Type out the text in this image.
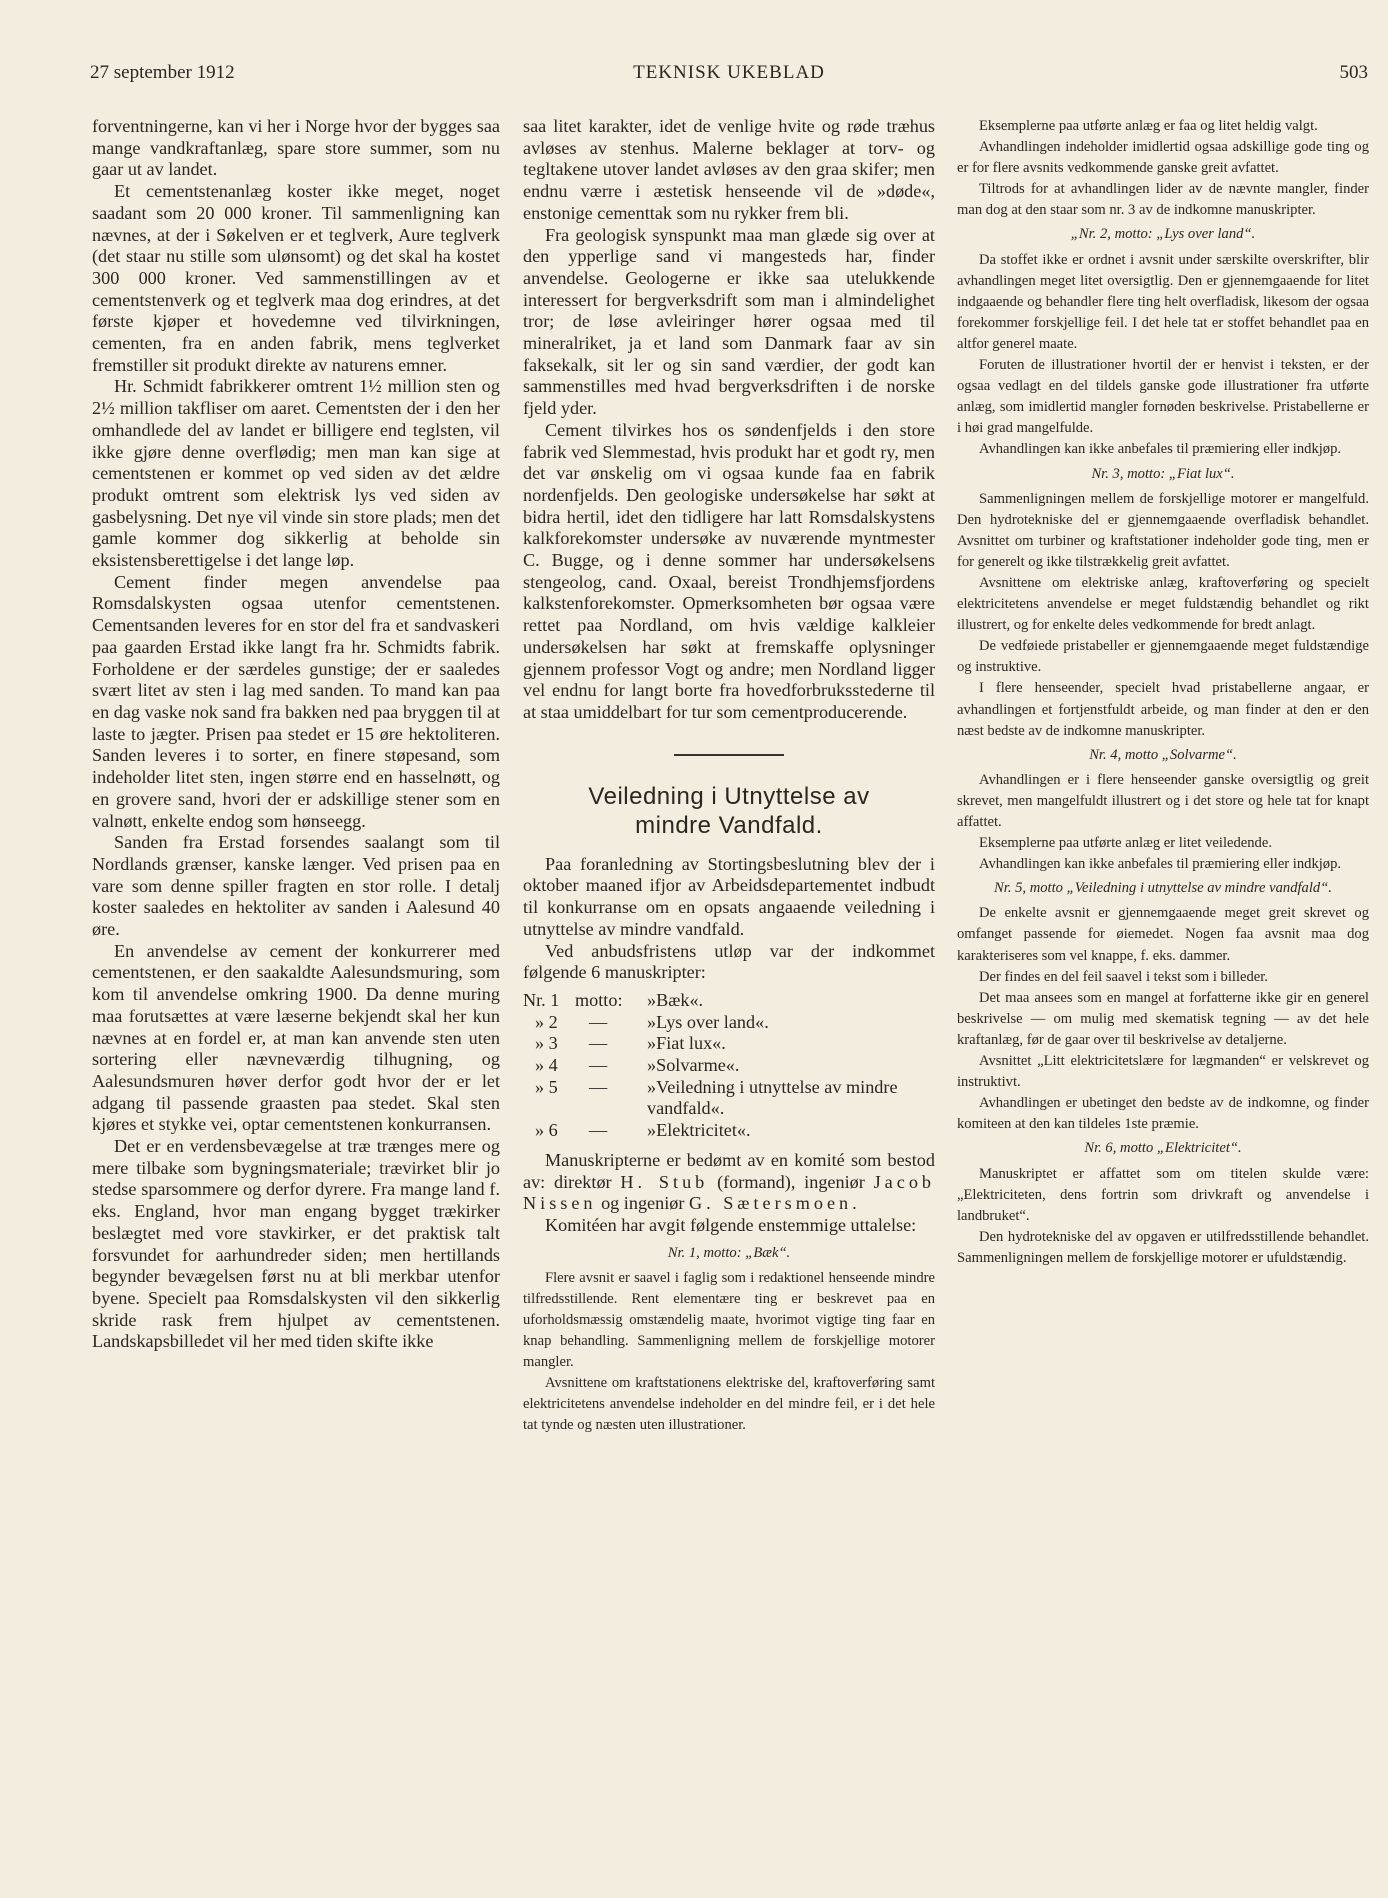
27 september 1912	TEKNISK UKEBLAD	503

forventningerne, kan vi her i Norge hvor der bygges saa mange vandkraftanlæg, spare store summer, som nu gaar ut av landet.

Et cementstenanlæg koster ikke meget, noget saadant som 20 000 kroner. Til sammenligning kan nævnes, at der i Søkelven er et teglverk, Aure teglverk (det staar nu stille som ulønsomt) og det skal ha kostet 300 000 kroner. Ved sammenstillingen av et cementstenverk og et teglverk maa dog erindres, at det første kjøper et hovedemne ved tilvirkningen, cementen, fra en anden fabrik, mens teglverket fremstiller sit produkt direkte av naturens emner.

Hr. Schmidt fabrikkerer omtrent 1½ million sten og 2½ million takfliser om aaret. Cementsten der i den her omhandlede del av landet er billigere end teglsten, vil ikke gjøre denne overflødig; men man kan sige at cementstenen er kommet op ved siden av det ældre produkt omtrent som elektrisk lys ved siden av gasbelysning. Det nye vil vinde sin store plads; men det gamle kommer dog sikkerlig at beholde sin eksistensberettigelse i det lange løp.

Cement finder megen anvendelse paa Romsdalskysten ogsaa utenfor cementstenen. Cementsanden leveres for en stor del fra et sandvaskeri paa gaarden Erstad ikke langt fra hr. Schmidts fabrik. Forholdene er der særdeles gunstige; der er saaledes svært litet av sten i lag med sanden. To mand kan paa en dag vaske nok sand fra bakken ned paa bryggen til at laste to jægter. Prisen paa stedet er 15 øre hektoliteren. Sanden leveres i to sorter, en finere støpesand, som indeholder litet sten, ingen større end en hasselnøtt, og en grovere sand, hvori der er adskillige stener som en valnøtt, enkelte endog som hønseegg.

Sanden fra Erstad forsendes saalangt som til Nordlands grænser, kanske længer. Ved prisen paa en vare som denne spiller fragten en stor rolle. I detalj koster saaledes en hektoliter av sanden i Aalesund 40 øre.

En anvendelse av cement der konkurrerer med cementstenen, er den saakaldte Aalesundsmuring, som kom til anvendelse omkring 1900. Da denne muring maa forutsættes at være læserne bekjendt skal her kun nævnes at en fordel er, at man kan anvende sten uten sortering eller nævneværdig tilhugning, og Aalesundsmuren høver derfor godt hvor der er let adgang til passende graasten paa stedet. Skal sten kjøres et stykke vei, optar cementstenen konkurransen.

Det er en verdensbevægelse at træ trænges mere og mere tilbake som bygningsmateriale; trævirket blir jo stedse sparsommere og derfor dyrere. Fra mange land f. eks. England, hvor man engang bygget trækirker beslægtet med vore stavkirker, er det praktisk talt forsvundet for aarhundreder siden; men hertillands begynder bevægelsen først nu at bli merkbar utenfor byene. Specielt paa Romsdalskysten vil den sikkerlig skride rask frem hjulpet av cementstenen. Landskapsbilledet vil her med tiden skifte ikke

saa litet karakter, idet de venlige hvite og røde træhus avløses av stenhus. Malerne beklager at torv- og tegltakene utover landet avløses av den graa skifer; men endnu værre i æstetisk henseende vil de »døde«, enstonige cementtak som nu rykker frem bli.

Fra geologisk synspunkt maa man glæde sig over at den ypperlige sand vi mangesteds har, finder anvendelse. Geologerne er ikke saa utelukkende interessert for bergverksdrift som man i almindelighet tror; de løse avleiringer hører ogsaa med til mineralriket, ja et land som Danmark faar av sin faksekalk, sit ler og sin sand værdier, der godt kan sammenstilles med hvad bergverksdriften i de norske fjeld yder.

Cement tilvirkes hos os søndenfjelds i den store fabrik ved Slemmestad, hvis produkt har et godt ry, men det var ønskelig om vi ogsaa kunde faa en fabrik nordenfjelds. Den geologiske undersøkelse har søkt at bidra hertil, idet den tidligere har latt Romsdalskystens kalkforekomster undersøke av nuværende myntmester C. Bugge, og i denne sommer har undersøkelsens stengeolog, cand. Oxaal, bereist Trondhjemsfjordens kalkstenforekomster. Opmerksomheten bør ogsaa være rettet paa Nordland, om hvis vældige kalkleier undersøkelsen har søkt at fremskaffe oplysninger gjennem professor Vogt og andre; men Nordland ligger vel endnu for langt borte fra hovedforbruksstederne til at staa umiddelbart for tur som cementproducerende.

Veiledning i Utnyttelse av
mindre Vandfald.

Paa foranledning av Stortingsbeslutning blev der i oktober maaned ifjor av Arbeidsdepartementet indbudt til konkurranse om en opsats angaaende veiledning i utnyttelse av mindre vandfald.

Ved anbudsfristens utløp var der indkommet følgende 6 manuskripter:

Nr. 1 motto:	»Bæk«.
» 2	—	»Lys over land«.
» 3	—	»Fiat lux«.
» 4	—	»Solvarme«.
» 5	—	»Veiledning i utnyttelse av mindre vandfald«.
» 6	—	»Elektricitet«.

Manuskripterne er bedømt av en komité som bestod av: direktør H. Stub (formand), ingeniør Jacob Nissen og ingeniør G. Sætersmoen.

Komitéen har avgit følgende enstemmige uttalelse:

Nr. 1, motto: „Bæk“.

Flere avsnit er saavel i faglig som i redaktionel henseende mindre tilfredsstillende. Rent elementære ting er beskrevet paa en uforholdsmæssig omstændelig maate, hvorimot vigtige ting faar en knap behandling. Sammenligning mellem de forskjellige motorer mangler.

Avsnittene om kraftstationens elektriske del, kraftoverføring samt elektricitetens anvendelse indeholder en del mindre feil, er i det hele tat tynde og næsten uten illustrationer.

Eksemplerne paa utførte anlæg er faa og litet heldig valgt.

Avhandlingen indeholder imidlertid ogsaa adskillige gode ting og er for flere avsnits vedkommende ganske greit avfattet.

Tiltrods for at avhandlingen lider av de nævnte mangler, finder man dog at den staar som nr. 3 av de indkomne manuskripter.

„Nr. 2, motto: „Lys over land“.

Da stoffet ikke er ordnet i avsnit under særskilte overskrifter, blir avhandlingen meget litet oversigtlig. Den er gjennemgaaende for litet indgaaende og behandler flere ting helt overfladisk, likesom der ogsaa forekommer forskjellige feil. I det hele tat er stoffet behandlet paa en altfor generel maate.

Foruten de illustrationer hvortil der er henvist i teksten, er der ogsaa vedlagt en del tildels ganske gode illustrationer fra utførte anlæg, som imidlertid mangler fornøden beskrivelse. Pristabellerne er i høi grad mangelfulde.

Avhandlingen kan ikke anbefales til præmiering eller indkjøp.

Nr. 3, motto: „Fiat lux“.

Sammenligningen mellem de forskjellige motorer er mangelfuld. Den hydrotekniske del er gjennemgaaende overfladisk behandlet. Avsnittet om turbiner og kraftstationer indeholder gode ting, men er for generelt og ikke tilstrækkelig greit avfattet.

Avsnittene om elektriske anlæg, kraftoverføring og specielt elektricitetens anvendelse er meget fuldstændig behandlet og rikt illustrert, og for enkelte deles vedkommende for bredt anlagt.

De vedføiede pristabeller er gjennemgaaende meget fuldstændige og instruktive.

I flere henseender, specielt hvad pristabellerne angaar, er avhandlingen et fortjenstfuldt arbeide, og man finder at den er den næst bedste av de indkomne manuskripter.

Nr. 4, motto „Solvarme“.

Avhandlingen er i flere henseender ganske oversigtlig og greit skrevet, men mangelfuldt illustrert og i det store og hele tat for knapt affattet.

Eksemplerne paa utførte anlæg er litet veiledende.

Avhandlingen kan ikke anbefales til præmiering eller indkjøp.

Nr. 5, motto „Veiledning i utnyttelse av mindre vandfald“.

De enkelte avsnit er gjennemgaaende meget greit skrevet og omfanget passende for øiemedet. Nogen faa avsnit maa dog karakteriseres som vel knappe, f. eks. dammer.

Der findes en del feil saavel i tekst som i billeder.

Det maa ansees som en mangel at forfatterne ikke gir en generel beskrivelse — om mulig med skematisk tegning — av det hele kraftanlæg, før de gaar over til beskrivelse av detaljerne.

Avsnittet „Litt elektricitetslære for lægmanden“ er velskrevet og instruktivt.

Avhandlingen er ubetinget den bedste av de indkomne, og finder komiteen at den kan tildeles 1ste præmie.

Nr. 6, motto „Elektricitet“.

Manuskriptet er affattet som om titelen skulde være: „Elektriciteten, dens fortrin som drivkraft og anvendelse i landbruket“.

Den hydrotekniske del av opgaven er utilfredsstillende behandlet. Sammenligningen mellem de forskjellige motorer er ufuldstændig.
